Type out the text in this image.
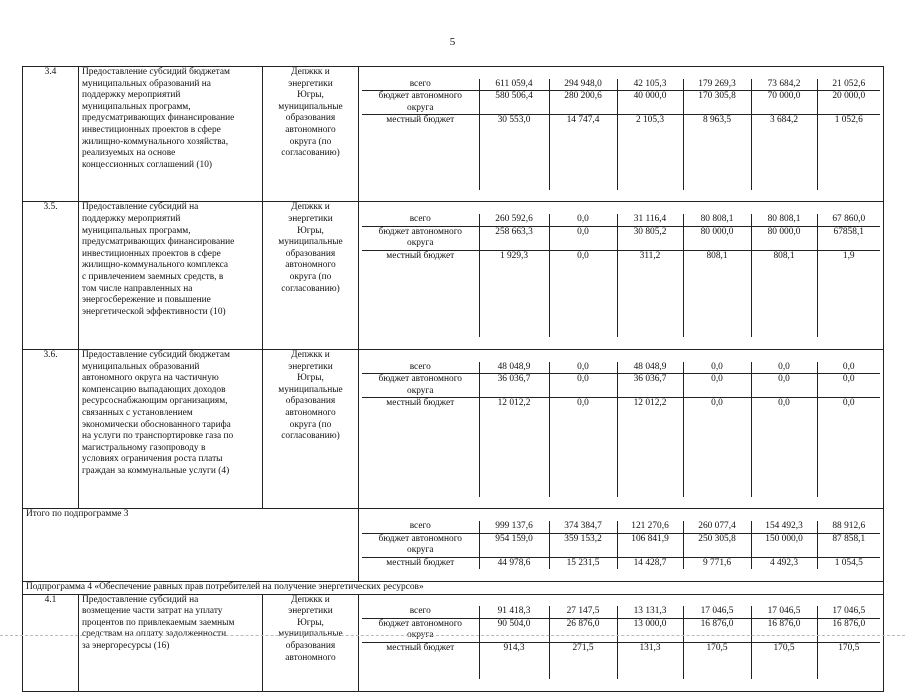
5
3.4	Предоставление субсидий бюджетам
муниципальных образований на
поддержку мероприятий
муниципальных программ,
предусматривающих финансирование
инвестиционных проектов в сфере
жилищно-коммунального хозяйства,
реализуемых на основе
концессионных соглашений (10)	Депжкк и
энергетики
Югры,
муниципальные
образования
автономного
округа (по
согласованию)	

всего	611 059,4	294 948,0	42 105,3	179 269,3	73 684,2	21 052,6
бюджет автономного
округа	580 506,4	280 200,6	40 000,0	170 305,8	70 000,0	20 000,0
местный бюджет	30 553,0	14 747,4	2 105,3	8 963,5	3 684,2	1 052,6

3.5.	Предоставление субсидий на
поддержку мероприятий
муниципальных программ,
предусматривающих финансирование
инвестиционных проектов в сфере
жилищно-коммунального комплекса
с привлечением заемных средств, в
том числе направленных на
энергосбережение и повышение
энергетической эффективности (10)	Депжкк и
энергетики
Югры,
муниципальные
образования
автономного
округа (по
согласованию)	

всего	260 592,6	0,0	31 116,4	80 808,1	80 808,1	67 860,0
бюджет автономного
округа	258 663,3	0,0	30 805,2	80 000,0	80 000,0	67858,1
местный бюджет	1 929,3	0,0	311,2	808,1	808,1	1,9

3.6.	Предоставление субсидий бюджетам
муниципальных образований
автономного округа на частичную
компенсацию выпадающих доходов
ресурсоснабжающим организациям,
связанных с установлением
экономически обоснованного тарифа
на услуги по транспортировке газа по
магистральному газопроводу в
условиях ограничения роста платы
граждан за коммунальные услуги (4)	Депжкк и
энергетики
Югры,
муниципальные
образования
автономного
округа (по
согласованию)	

всего	48 048,9	0,0	48 048,9	0,0	0,0	0,0
бюджет автономного
округа	36 036,7	0,0	36 036,7	0,0	0,0	0,0
местный бюджет	12 012,2	0,0	12 012,2	0,0	0,0	0,0

Итого по подпрограмме 3	

всего	999 137,6	374 384,7	121 270,6	260 077,4	154 492,3	88 912,6
бюджет автономного
округа	954 159,0	359 153,2	106 841,9	250 305,8	150 000,0	87 858,1
местный бюджет	44 978,6	15 231,5	14 428,7	9 771,6	4 492,3	1 054,5

Подпрограмма 4 «Обеспечение равных прав потребителей на получение энергетических ресурсов»
4.1	Предоставление субсидий на
возмещение части затрат на уплату
процентов по привлекаемым заемным
средствам на оплату задолженности
за энергоресурсы (16)	Депжкк и
энергетики
Югры,
муниципальные
образования
автономного	

всего	91 418,3	27 147,5	13 131,3	17 046,5	17 046,5	17 046,5
бюджет автономного
округа	90 504,0	26 876,0	13 000,0	16 876,0	16 876,0	16 876,0
местный бюджет	914,3	271,5	131,3	170,5	170,5	170,5
